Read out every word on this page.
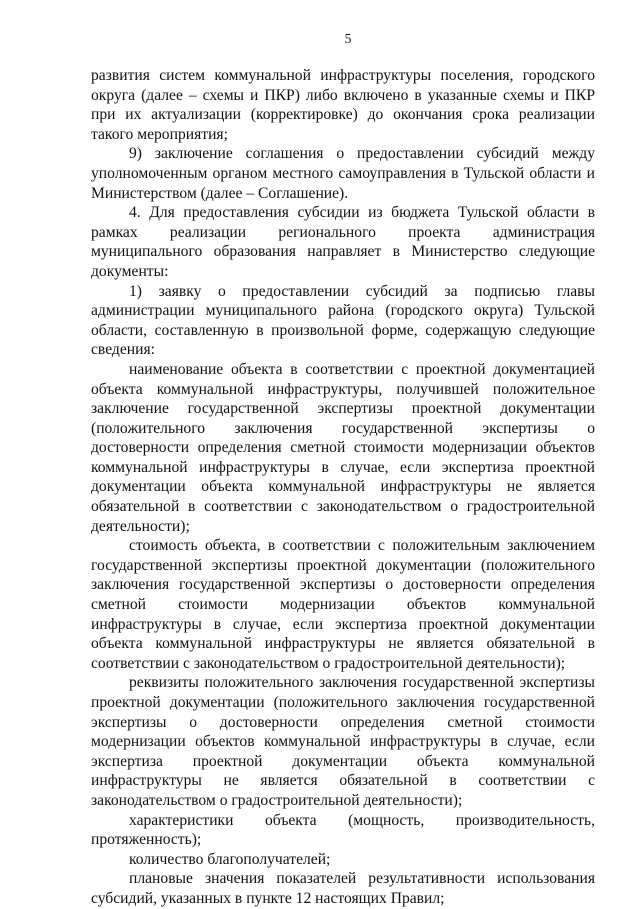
5

развития систем коммунальной инфраструктуры поселения, городского округа (далее – схемы и ПКР) либо включено в указанные схемы и ПКР при их актуализации (корректировке) до окончания срока реализации такого мероприятия;

9) заключение соглашения о предоставлении субсидий между уполномоченным органом местного самоуправления в Тульской области и Министерством (далее – Соглашение).

4. Для предоставления субсидии из бюджета Тульской области в рамках реализации регионального проекта администрация муниципального образования направляет в Министерство следующие документы:

1) заявку о предоставлении субсидий за подписью главы администрации муниципального района (городского округа) Тульской области, составленную в произвольной форме, содержащую следующие сведения:

наименование объекта в соответствии с проектной документацией объекта коммунальной инфраструктуры, получившей положительное заключение государственной экспертизы проектной документации (положительного заключения государственной экспертизы о достоверности определения сметной стоимости модернизации объектов коммунальной инфраструктуры в случае, если экспертиза проектной документации объекта коммунальной инфраструктуры не является обязательной в соответствии с законодательством о градостроительной деятельности);

стоимость объекта, в соответствии с положительным заключением государственной экспертизы проектной документации (положительного заключения государственной экспертизы о достоверности определения сметной стоимости модернизации объектов коммунальной инфраструктуры в случае, если экспертиза проектной документации объекта коммунальной инфраструктуры не является обязательной в соответствии с законодательством о градостроительной деятельности);

реквизиты положительного заключения государственной экспертизы проектной документации (положительного заключения государственной экспертизы о достоверности определения сметной стоимости модернизации объектов коммунальной инфраструктуры в случае, если экспертиза проектной документации объекта коммунальной инфраструктуры не является обязательной в соответствии с законодательством о градостроительной деятельности);

характеристики объекта (мощность, производительность, протяженность);

количество благополучателей;

плановые значения показателей результативности использования субсидий, указанных в пункте 12 настоящих Правил;
